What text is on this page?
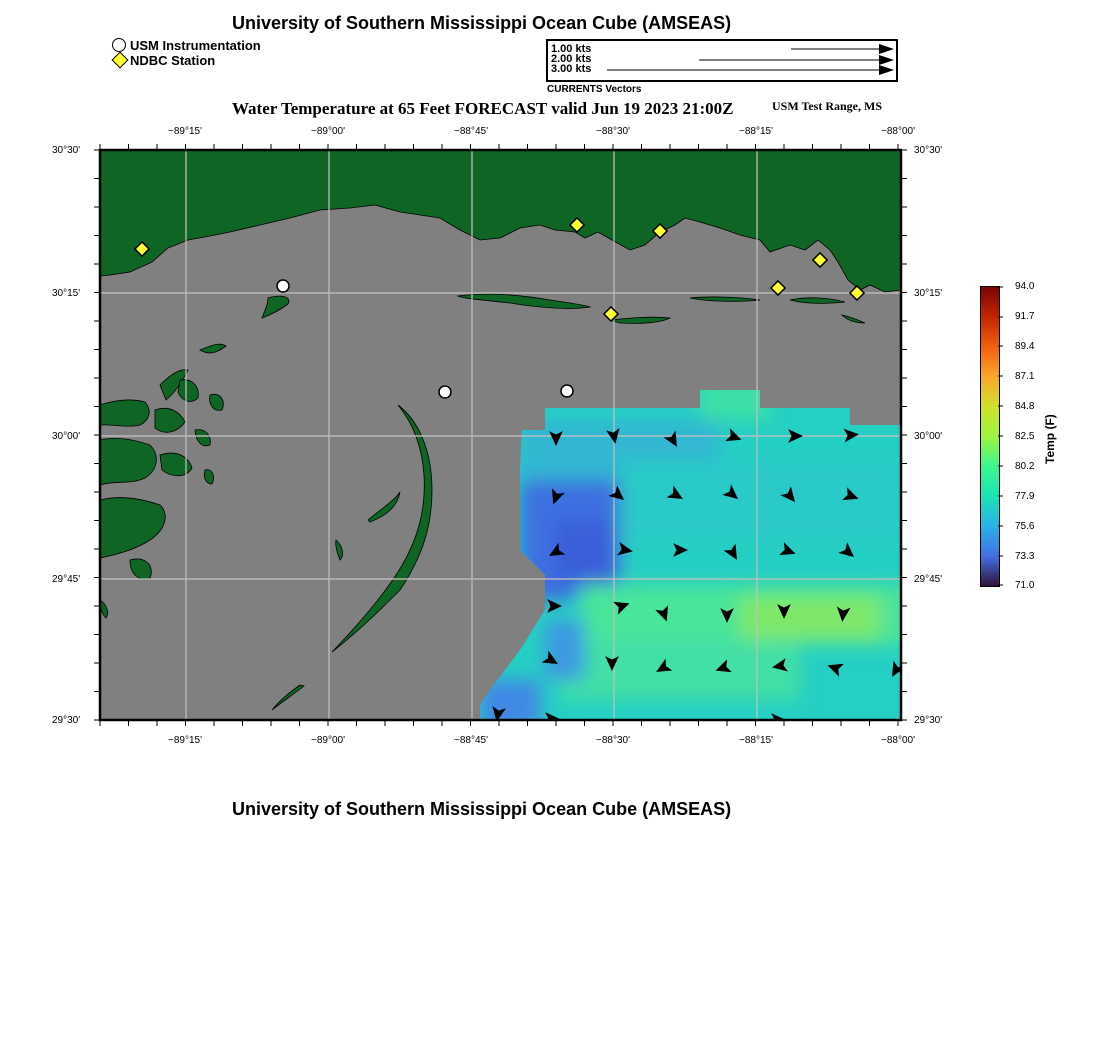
University of Southern Mississippi Ocean Cube (AMSEAS)
USM Instrumentation
NDBC Station
1.00 kts
2.00 kts
3.00 kts
CURRENTS Vectors
Water Temperature at 65 Feet FORECAST valid Jun 19 2023 21:00Z	USM Test Range, MS
−89°15'	−89°00'	−88°45'	−88°30'	−88°15'	−88°00'
−89°15'	−89°00'	−88°45'	−88°30'	−88°15'	−88°00'
30°30'
30°15'
30°00'
29°45'
29°30'
30°30'
30°15'
30°00'
29°45'
29°30'
94.0
91.7
89.4
87.1
84.8
82.5
80.2
77.9
75.6
73.3
71.0
Temp (F)
University of Southern Mississippi Ocean Cube (AMSEAS)
